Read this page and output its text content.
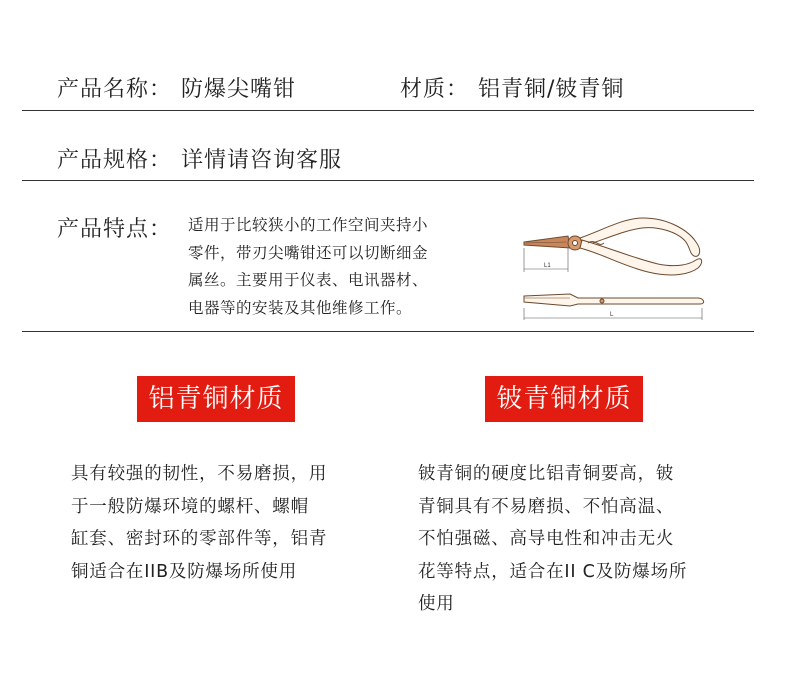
产品名称： 防爆尖嘴钳	材质： 铝青铜/铍青铜
产品规格： 详情请咨询客服
产品特点： 适用于比较狭小的工作空间夹持小
零件，带刃尖嘴钳还可以切断细金
属丝。主要用于仪表、电讯器材、
电器等的安装及其他维修工作。
L1
L
铝青铜材质	铍青铜材质
具有较强的韧性，不易磨损，用
于一般防爆环境的螺杆、螺帽
缸套、密封环的零部件等，铝青
铜适合在IIB及防爆场所使用
铍青铜的硬度比铝青铜要高，铍
青铜具有不易磨损、不怕高温、
不怕强磁、高导电性和冲击无火
花等特点，适合在II C及防爆场所
使用
